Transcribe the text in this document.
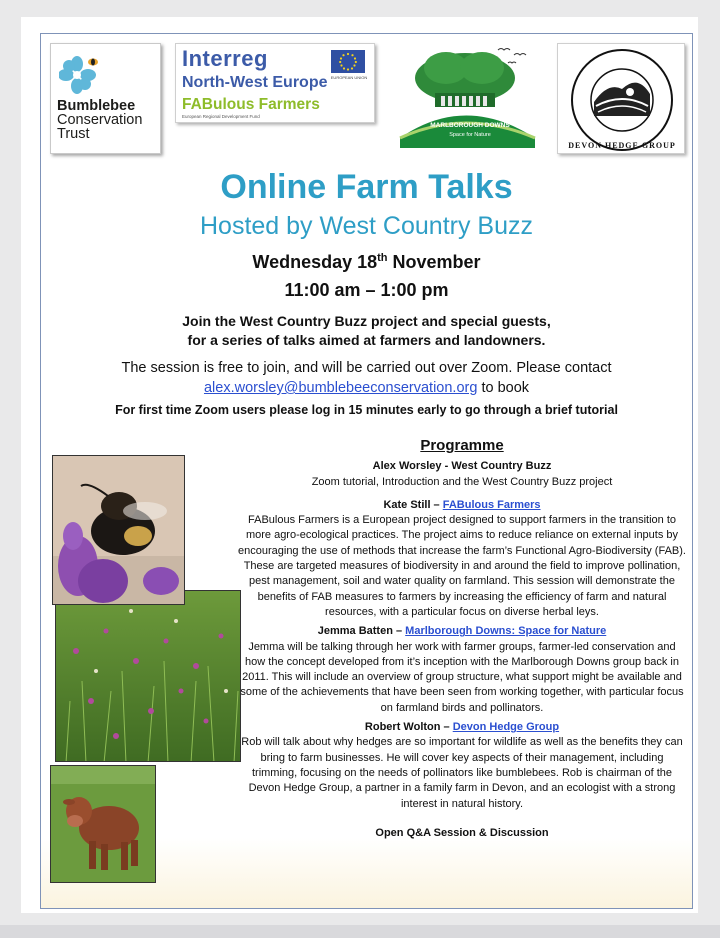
Bumblebee
Conservation
Trust
Interreg
North-West Europe
FABulous Farmers
European Regional Development Fund
EUROPEAN UNION
MARLBOROUGH DOWNS
Space for Nature
DEVON HEDGE GROUP
Online Farm Talks
Hosted by West Country Buzz
Wednesday 18th November
11:00 am – 1:00 pm
Join the West Country Buzz project and special guests,
for a series of talks aimed at farmers and landowners.
The session is free to join, and will be carried out over Zoom. Please contact
alex.worsley@bumblebeeconservation.org to book
For first time Zoom users please log in 15 minutes early to go through a brief tutorial
Programme
Alex Worsley - West Country Buzz
Zoom tutorial, Introduction and the West Country Buzz project
Kate Still – FABulous Farmers
FABulous Farmers is a European project designed to support farmers in the transition to more agro-ecological practices. The project aims to reduce reliance on external inputs by encouraging the use of methods that increase the farm’s Functional Agro-Biodiversity (FAB). These are targeted measures of biodiversity in and around the field to improve pollination, pest management, soil and water quality on farmland. This session will demonstrate the benefits of FAB measures to farmers by increasing the efficiency of farm and natural resources, with a particular focus on diverse herbal leys.
Jemma Batten – Marlborough Downs: Space for Nature
Jemma will be talking through her work with farmer groups, farmer-led conservation and how the concept developed from it’s inception with the Marlborough Downs group back in 2011. This will include an overview of group structure, what support might be available and some of the achievements that have been seen from working together, with particular focus on farmland birds and pollinators.
Robert Wolton – Devon Hedge Group
Rob will talk about why hedges are so important for wildlife as well as the benefits they can bring to farm businesses. He will cover key aspects of their management, including trimming, focusing on the needs of pollinators like bumblebees. Rob is chairman of the Devon Hedge Group, a partner in a family farm in Devon, and an ecologist with a strong interest in natural history.
Open Q&A Session & Discussion
